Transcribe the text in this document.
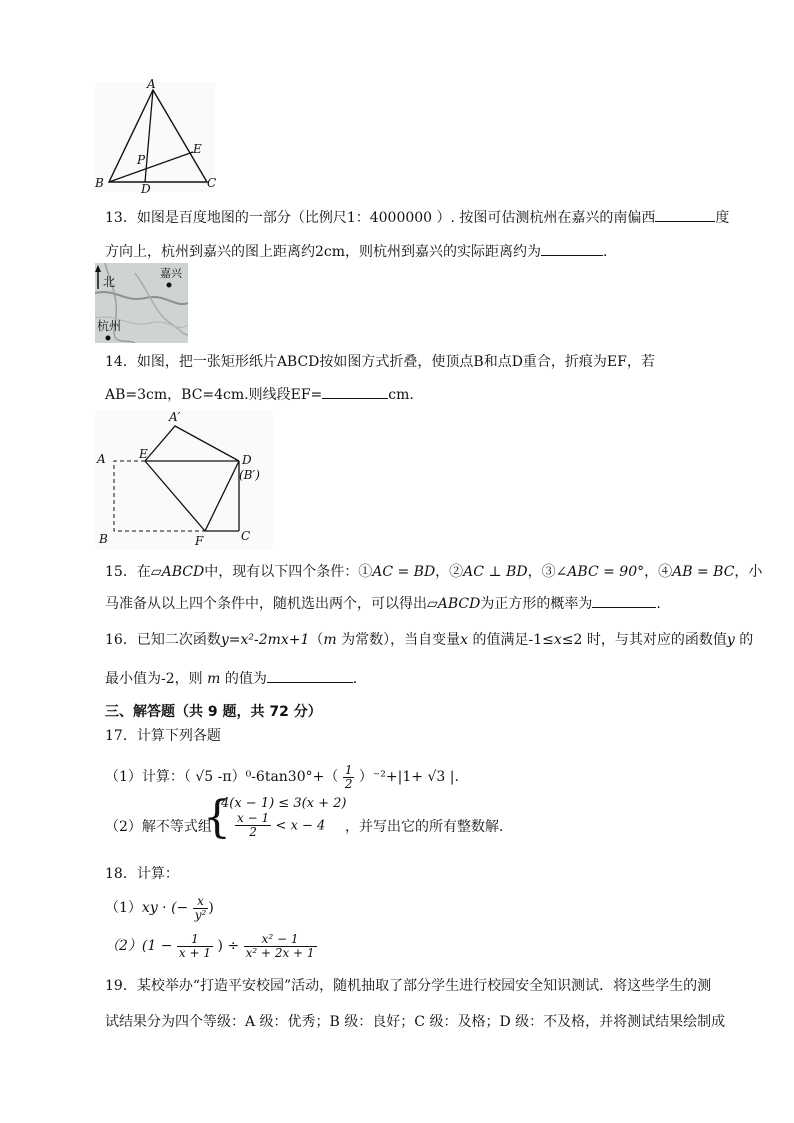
A
B	C
D
E
P
13．如图是百度地图的一部分（比例尺1：4000000 ）. 按图可估测杭州在嘉兴的南偏西	度
方向上，杭州到嘉兴的图上距离约2cm，则杭州到嘉兴的实际距离约为	．
北
嘉兴
杭州
14．如图，把一张矩形纸片ABCD按如图方式折叠，使顶点B和点D重合，折痕为EF，若
AB=3cm，BC=4cm.则线段EF=	cm.
A
A′
E	D
(B′)
B	F	C
15．在▱ABCD中，现有以下四个条件：①AC = BD，②AC ⊥ BD，③∠ABC = 90°，④AB = BC，小
马准备从以上四个条件中，随机选出两个，可以得出▱ABCD为正方形的概率为	.
16．已知二次函数y=x²-2mx+1（m 为常数），当自变量x 的值满足-1≤x≤2 时，与其对应的函数值y 的
最小值为-2，则 m 的值为	．
三、解答题（共 9 题，共 72 分）
17．计算下列各题
（1）计算：（ √5 $-\pi)^0-6\tan 30^\circ+( \frac{1}{2} )^{-2}+|1+ √3$ |.
（2）解不等式组
{
4(x − 1) ≤ 3(x + 2)
$\frac{x - 1}{2} < x - 4$ ，并写出它的所有整数解．
18．计算：
（1）xy · (− $\frac{x}{\text{y²}}$ )
$(2)(1 - \frac{1}{x + 1}$ ) ÷ $\frac{\text{x² − 1}}{\text{x² + 2x + 1}}$
19．某校举办“打造平安校园”活动，随机抽取了部分学生进行校园安全知识测试．将这些学生的测
试结果分为四个等级：A 级：优秀；B 级：良好；C 级：及格；D 级：不及格，并将测试结果绘制成
